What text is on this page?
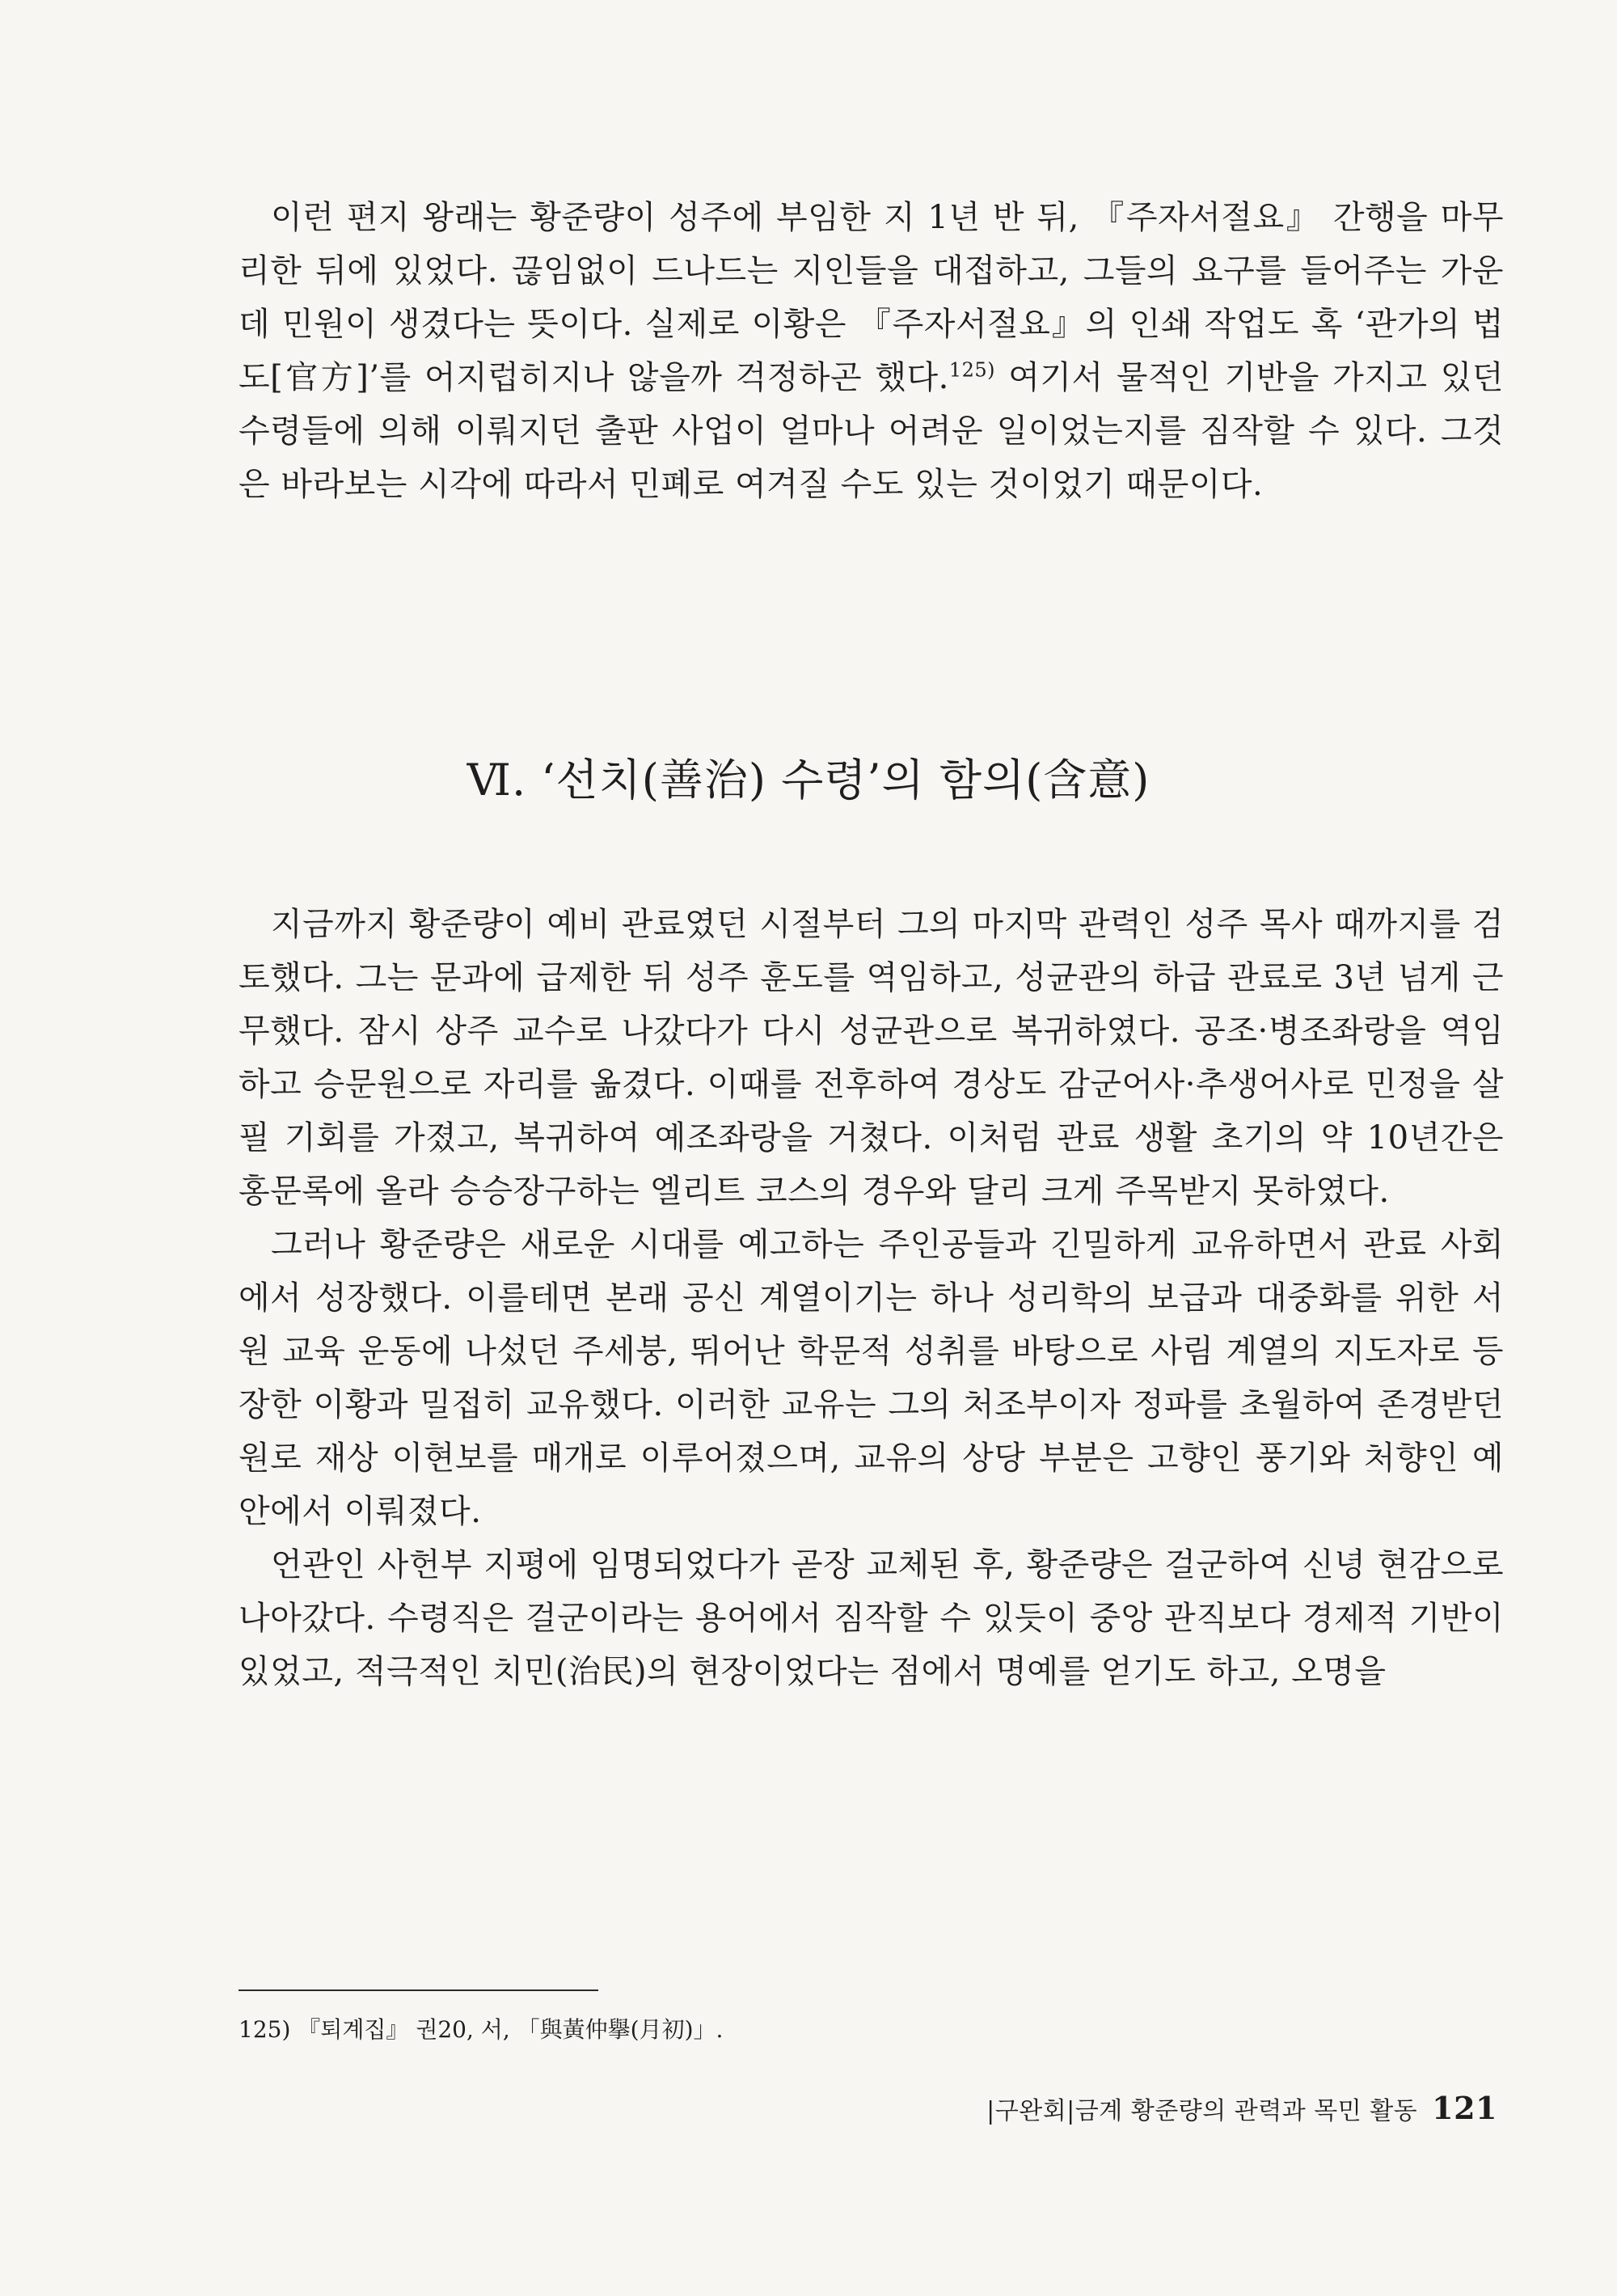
이런 편지 왕래는 황준량이 성주에 부임한 지 1년 반 뒤, 『주자서절요』 간행을 마무리한 뒤에 있었다. 끊임없이 드나드는 지인들을 대접하고, 그들의 요구를 들어주는 가운데 민원이 생겼다는 뜻이다. 실제로 이황은 『주자서절요』의 인쇄 작업도 혹 ‘관가의 법도[官方]’를 어지럽히지나 않을까 걱정하곤 했다.$^{125)}$ 여기서 물적인 기반을 가지고 있던 수령들에 의해 이뤄지던 출판 사업이 얼마나 어려운 일이었는지를 짐작할 수 있다. 그것은 바라보는 시각에 따라서 민폐로 여겨질 수도 있는 것이었기 때문이다.

Ⅵ. ‘선치(善治) 수령’의 함의(含意)

지금까지 황준량이 예비 관료였던 시절부터 그의 마지막 관력인 성주 목사 때까지를 검토했다. 그는 문과에 급제한 뒤 성주 훈도를 역임하고, 성균관의 하급 관료로 3년 넘게 근무했다. 잠시 상주 교수로 나갔다가 다시 성균관으로 복귀하였다. 공조·병조좌랑을 역임하고 승문원으로 자리를 옮겼다. 이때를 전후하여 경상도 감군어사·추생어사로 민정을 살필 기회를 가졌고, 복귀하여 예조좌랑을 거쳤다. 이처럼 관료 생활 초기의 약 10년간은 홍문록에 올라 승승장구하는 엘리트 코스의 경우와 달리 크게 주목받지 못하였다.

그러나 황준량은 새로운 시대를 예고하는 주인공들과 긴밀하게 교유하면서 관료 사회에서 성장했다. 이를테면 본래 공신 계열이기는 하나 성리학의 보급과 대중화를 위한 서원 교육 운동에 나섰던 주세붕, 뛰어난 학문적 성취를 바탕으로 사림 계열의 지도자로 등장한 이황과 밀접히 교유했다. 이러한 교유는 그의 처조부이자 정파를 초월하여 존경받던 원로 재상 이현보를 매개로 이루어졌으며, 교유의 상당 부분은 고향인 풍기와 처향인 예안에서 이뤄졌다.

언관인 사헌부 지평에 임명되었다가 곧장 교체된 후, 황준량은 걸군하여 신녕 현감으로 나아갔다. 수령직은 걸군이라는 용어에서 짐작할 수 있듯이 중앙 관직보다 경제적 기반이 있었고, 적극적인 치민(治民)의 현장이었다는 점에서 명예를 얻기도 하고, 오명을

125) 『퇴계집』 권20, 서, 「與黃仲擧(月初)」.
|구완회|금계 황준량의 관력과 목민 활동 121
